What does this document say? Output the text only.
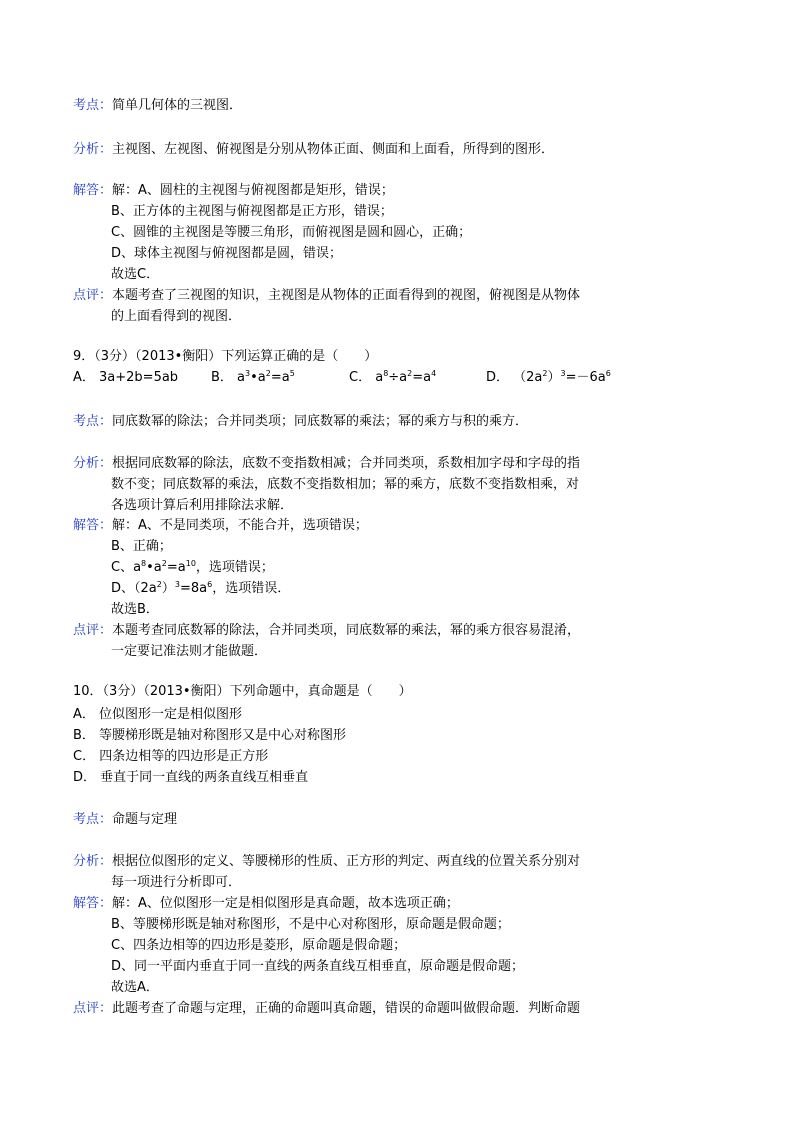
考点：简单几何体的三视图．
分析：主视图、左视图、俯视图是分别从物体正面、侧面和上面看，所得到的图形．
解答：解：A、圆柱的主视图与俯视图都是矩形，错误；
B、正方体的主视图与俯视图都是正方形，错误；
C、圆锥的主视图是等腰三角形，而俯视图是圆和圆心，正确；
D、球体主视图与俯视图都是圆，错误；
故选C．
点评：本题考查了三视图的知识，主视图是从物体的正面看得到的视图，俯视图是从物体
的上面看得到的视图．
9．（3分）（2013•衡阳）下列运算正确的是（　　）
A． 3a+2b=5ab	B． $a^3•a^2=a^5$	C． $a^8\div a^2=a^4$	D． $(2a^2)^3=-6a^6$
考点：同底数幂的除法；合并同类项；同底数幂的乘法；幂的乘方与积的乘方．
分析：根据同底数幂的除法，底数不变指数相减；合并同类项，系数相加字母和字母的指
数不变；同底数幂的乘法，底数不变指数相加；幂的乘方，底数不变指数相乘，对
各选项计算后利用排除法求解．
解答：解：A、不是同类项，不能合并，选项错误；
B、正确；
C、$a^8•a^2=a^{10}$，选项错误；
D、$(2a^2)^3=8a^6$，选项错误．
故选B．
点评：本题考查同底数幂的除法，合并同类项，同底数幂的乘法，幂的乘方很容易混淆，
一定要记准法则才能做题．
10．（3分）（2013•衡阳）下列命题中，真命题是（　　）
A． 位似图形一定是相似图形
B． 等腰梯形既是轴对称图形又是中心对称图形
C． 四条边相等的四边形是正方形
D． 垂直于同一直线的两条直线互相垂直
考点：命题与定理
分析：根据位似图形的定义、等腰梯形的性质、正方形的判定、两直线的位置关系分别对
每一项进行分析即可．
解答：解：A、位似图形一定是相似图形是真命题，故本选项正确；
B、等腰梯形既是轴对称图形，不是中心对称图形，原命题是假命题；
C、四条边相等的四边形是菱形，原命题是假命题；
D、同一平面内垂直于同一直线的两条直线互相垂直，原命题是假命题；
故选A．
点评：此题考查了命题与定理，正确的命题叫真命题，错误的命题叫做假命题．判断命题
